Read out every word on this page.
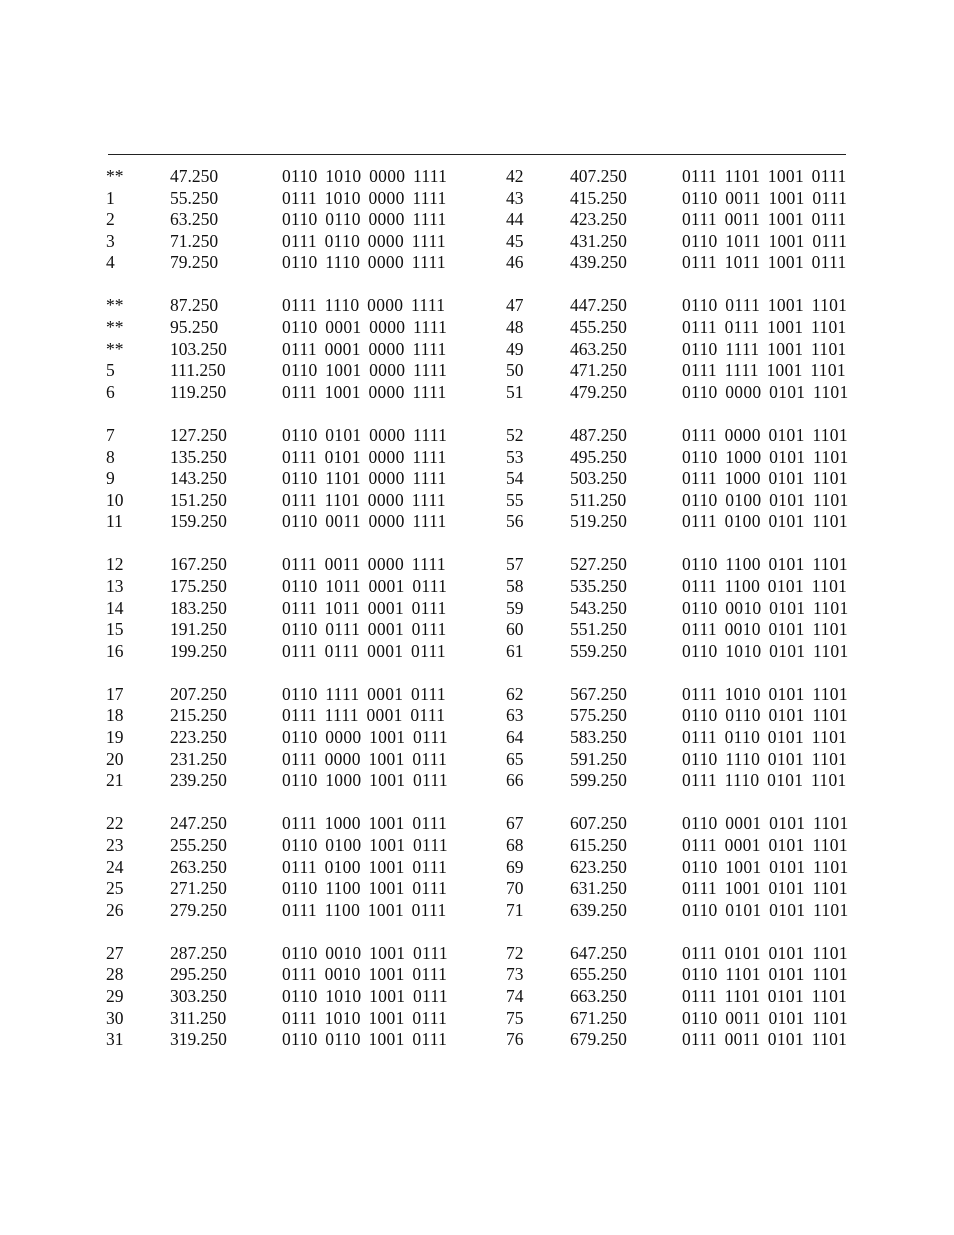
**	47.250	0110 1010 0000 1111
1	55.250	0111 1010 0000 1111
2	63.250	0110 0110 0000 1111
3	71.250	0111 0110 0000 1111
4	79.250	0110 1110 0000 1111
**	87.250	0111 1110 0000 1111
**	95.250	0110 0001 0000 1111
**	103.250	0111 0001 0000 1111
5	111.250	0110 1001 0000 1111
6	119.250	0111 1001 0000 1111
7	127.250	0110 0101 0000 1111
8	135.250	0111 0101 0000 1111
9	143.250	0110 1101 0000 1111
10	151.250	0111 1101 0000 1111
11	159.250	0110 0011 0000 1111
12	167.250	0111 0011 0000 1111
13	175.250	0110 1011 0001 0111
14	183.250	0111 1011 0001 0111
15	191.250	0110 0111 0001 0111
16	199.250	0111 0111 0001 0111
17	207.250	0110 1111 0001 0111
18	215.250	0111 1111 0001 0111
19	223.250	0110 0000 1001 0111
20	231.250	0111 0000 1001 0111
21	239.250	0110 1000 1001 0111
22	247.250	0111 1000 1001 0111
23	255.250	0110 0100 1001 0111
24	263.250	0111 0100 1001 0111
25	271.250	0110 1100 1001 0111
26	279.250	0111 1100 1001 0111
27	287.250	0110 0010 1001 0111
28	295.250	0111 0010 1001 0111
29	303.250	0110 1010 1001 0111
30	311.250	0111 1010 1001 0111
31	319.250	0110 0110 1001 0111
42	407.250	0111 1101 1001 0111
43	415.250	0110 0011 1001 0111
44	423.250	0111 0011 1001 0111
45	431.250	0110 1011 1001 0111
46	439.250	0111 1011 1001 0111
47	447.250	0110 0111 1001 1101
48	455.250	0111 0111 1001 1101
49	463.250	0110 1111 1001 1101
50	471.250	0111 1111 1001 1101
51	479.250	0110 0000 0101 1101
52	487.250	0111 0000 0101 1101
53	495.250	0110 1000 0101 1101
54	503.250	0111 1000 0101 1101
55	511.250	0110 0100 0101 1101
56	519.250	0111 0100 0101 1101
57	527.250	0110 1100 0101 1101
58	535.250	0111 1100 0101 1101
59	543.250	0110 0010 0101 1101
60	551.250	0111 0010 0101 1101
61	559.250	0110 1010 0101 1101
62	567.250	0111 1010 0101 1101
63	575.250	0110 0110 0101 1101
64	583.250	0111 0110 0101 1101
65	591.250	0110 1110 0101 1101
66	599.250	0111 1110 0101 1101
67	607.250	0110 0001 0101 1101
68	615.250	0111 0001 0101 1101
69	623.250	0110 1001 0101 1101
70	631.250	0111 1001 0101 1101
71	639.250	0110 0101 0101 1101
72	647.250	0111 0101 0101 1101
73	655.250	0110 1101 0101 1101
74	663.250	0111 1101 0101 1101
75	671.250	0110 0011 0101 1101
76	679.250	0111 0011 0101 1101
